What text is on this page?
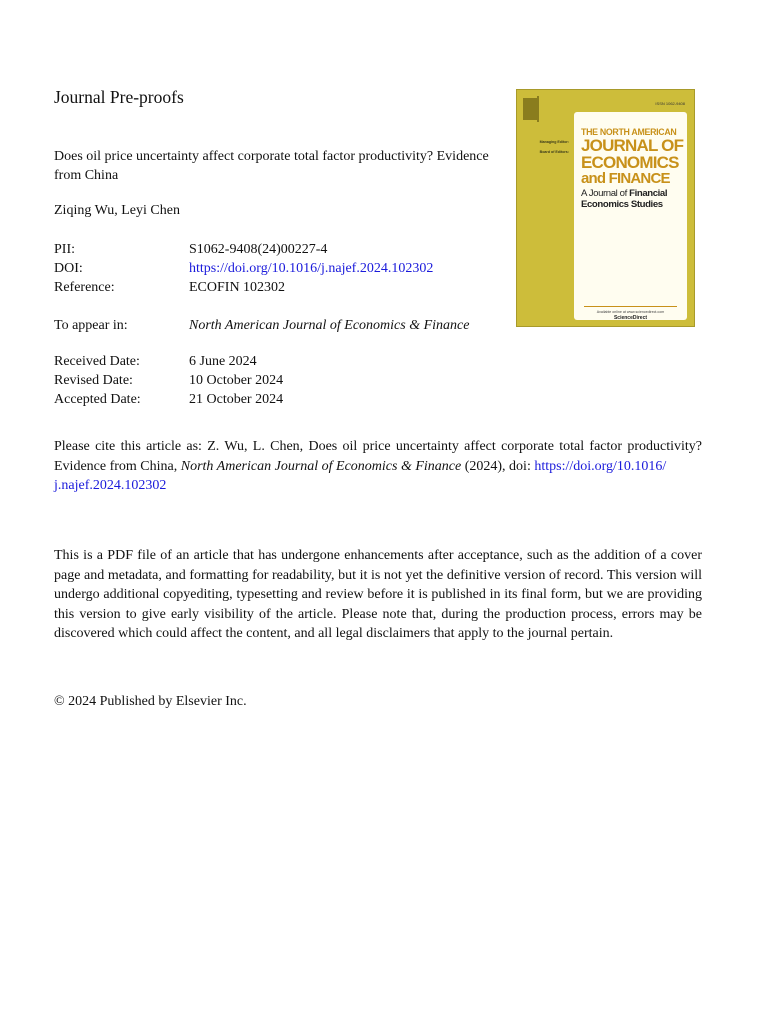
Journal Pre-proofs
Does oil price uncertainty affect corporate total factor productivity? Evidence from China
Ziqing Wu, Leyi Chen
PII:	S1062-9408(24)00227-4
DOI:	https://doi.org/10.1016/j.najef.2024.102302
Reference:	ECOFIN 102302
To appear in:	North American Journal of Economics & Finance
Received Date:	6 June 2024
Revised Date:	10 October 2024
Accepted Date:	21 October 2024
Please cite this article as: Z. Wu, L. Chen, Does oil price uncertainty affect corporate total factor productivity? Evidence from China, North American Journal of Economics & Finance (2024), doi: https://doi.org/10.1016/
j.najef.2024.102302
This is a PDF file of an article that has undergone enhancements after acceptance, such as the addition of a cover page and metadata, and formatting for readability, but it is not yet the definitive version of record. This version will undergo additional copyediting, typesetting and review before it is published in its final form, but we are providing this version to give early visibility of the article. Please note that, during the production process, errors may be discovered which could affect the content, and all legal disclaimers that apply to the journal pertain.
© 2024 Published by Elsevier Inc.
ISSN 1062-9408
Managing Editor:
Board of Editors:
THE NORTH AMERICAN
JOURNAL OF
ECONOMICS
and FINANCE
A Journal of Financial Economics Studies
Available online at www.sciencedirect.com
ScienceDirect
